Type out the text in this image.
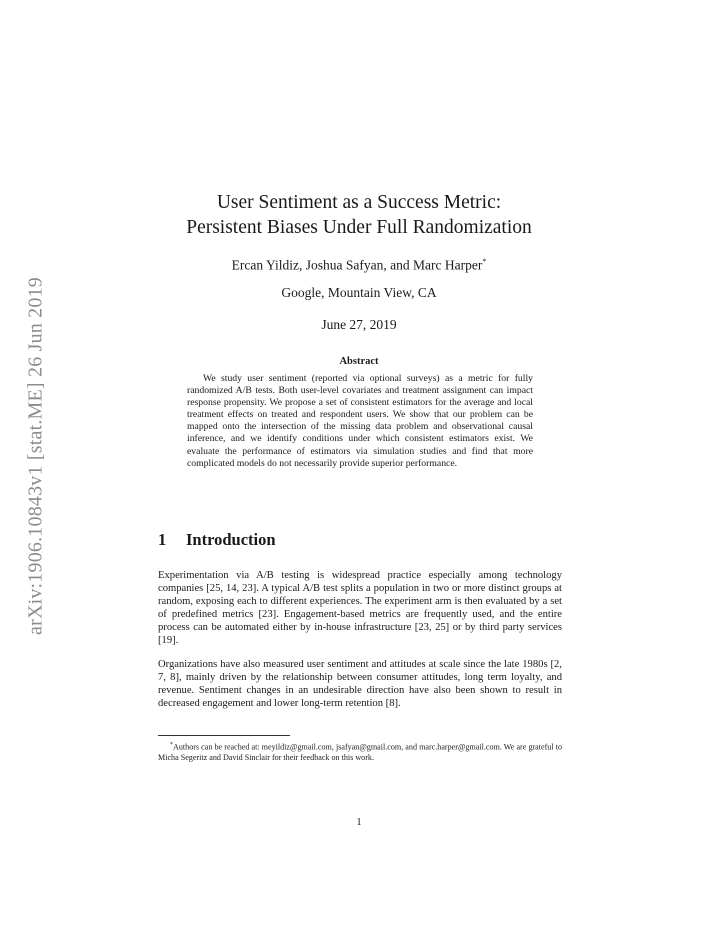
arXiv:1906.10843v1 [stat.ME] 26 Jun 2019
User Sentiment as a Success Metric:
Persistent Biases Under Full Randomization
Ercan Yildiz, Joshua Safyan, and Marc Harper*
Google, Mountain View, CA
June 27, 2019
Abstract
We study user sentiment (reported via optional surveys) as a metric for fully randomized A/B tests. Both user-level covariates and treatment assignment can impact response propensity. We propose a set of consistent estimators for the average and local treatment effects on treated and respondent users. We show that our problem can be mapped onto the intersection of the missing data problem and observational causal inference, and we identify conditions under which consistent estimators exist. We evaluate the performance of estimators via simulation studies and find that more complicated models do not necessarily provide superior performance.
1 Introduction
Experimentation via A/B testing is widespread practice especially among technology companies [25, 14, 23]. A typical A/B test splits a population in two or more distinct groups at random, exposing each to different experiences. The experiment arm is then evaluated by a set of predefined metrics [23]. Engagement-based metrics are frequently used, and the entire process can be automated either by in-house infrastructure [23, 25] or by third party services [19].
Organizations have also measured user sentiment and attitudes at scale since the late 1980s [2, 7, 8], mainly driven by the relationship between consumer attitudes, long term loyalty, and revenue. Sentiment changes in an undesirable direction have also been shown to result in decreased engagement and lower long-term retention [8].
*Authors can be reached at: meyildiz@gmail.com, jsafyan@gmail.com, and marc.harper@gmail.com. We are grateful to Micha Segeritz and David Sinclair for their feedback on this work.
1
